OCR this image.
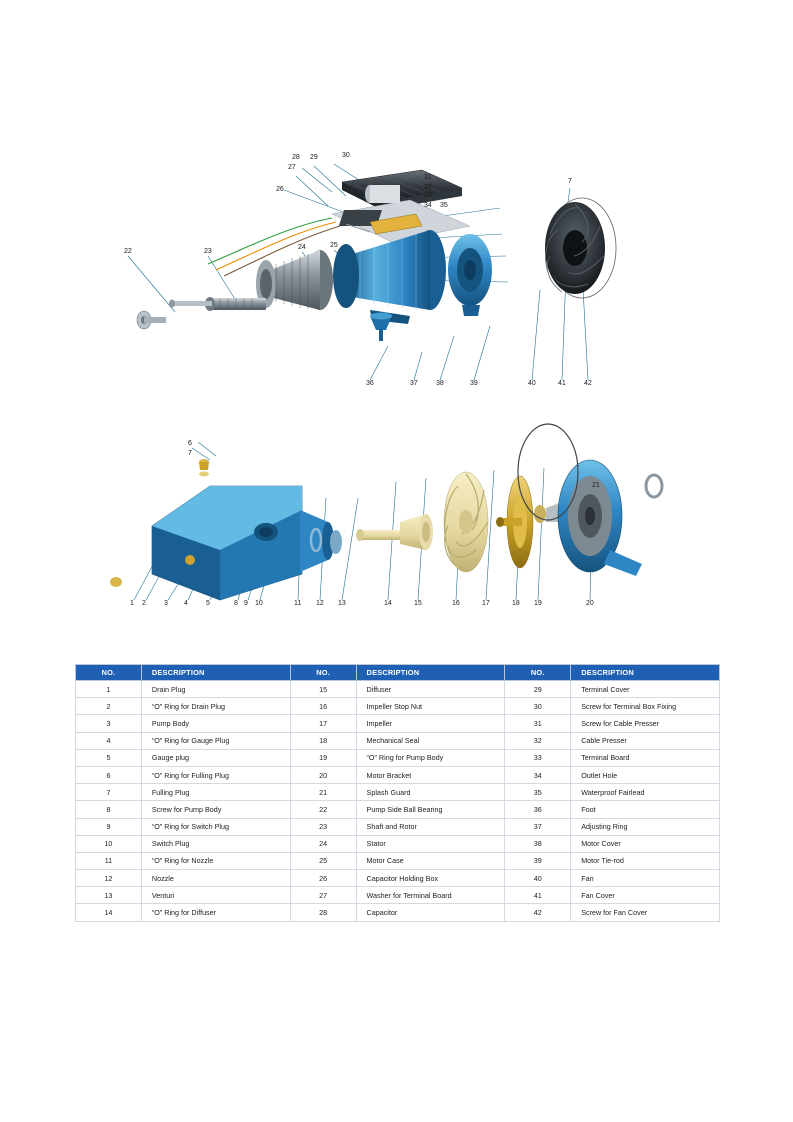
28 29	30
27
31
32
33
26
34 35
7
22	23
24	25
36	37	38	39	40	41	42
6
7
21
1 2	3 4	5	8 9 10	11 12 13	14	15	16	17	18 19	20
NO.	DESCRIPTION	NO.	DESCRIPTION	NO.	DESCRIPTION
1	Drain Plug	15	Diffuser	29	Terminal Cover
2	“O” Ring for Drain Plug	16	Impeller Stop Nut	30	Screw for Terminal Box Fixing
3	Pump Body	17	Impeller	31	Screw for Cable Presser
4	“O” Ring for Gauge Plug	18	Mechanical Seal	32	Cable Presser
5	Gauge plug	19	“O” Ring for Pump Body	33	Terminal Board
6	“O” Ring for Fulling Plug	20	Motor Bracket	34	Outlet Hole
7	Fulling Plug	21	Splash Guard	35	Waterproof Fairlead
8	Screw for Pump Body	22	Pump Side Ball Bearing	36	Foot
9	“O” Ring for Switch Plug	23	Shaft and Rotor	37	Adjusting Ring
10	Switch Plug	24	Stator	38	Motor Cover
11	“O” Ring for Nozzle	25	Motor Case	39	Motor Tie-rod
12	Nozzle	26	Capacitor Holding Box	40	Fan
13	Venturi	27	Washer for Terminal Board	41	Fan Cover
14	“O” Ring for Diffuser	28	Capacitor	42	Screw for Fan Cover
